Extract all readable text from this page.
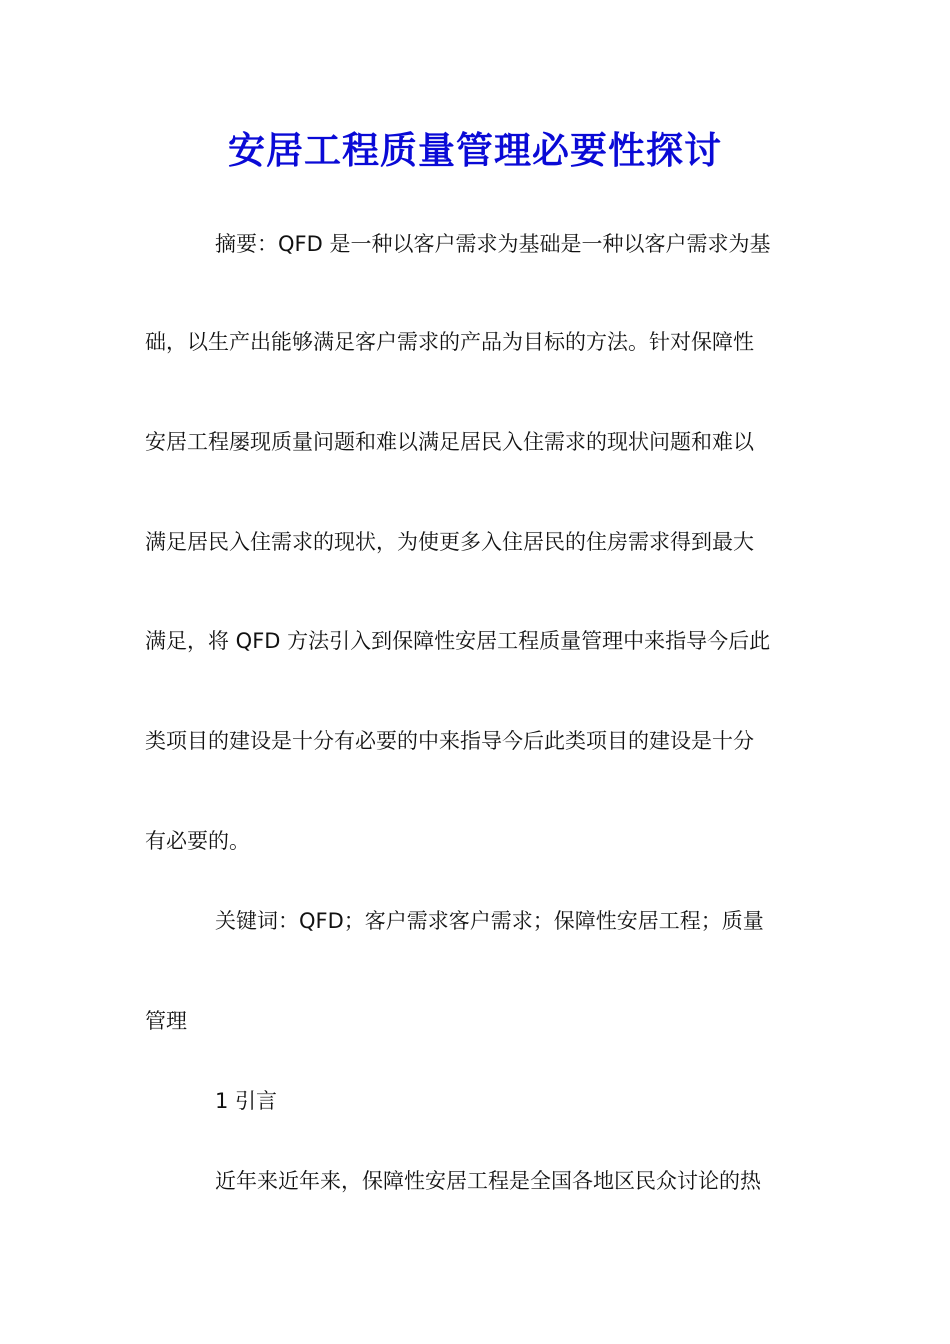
安居工程质量管理必要性探讨

摘要：QFD 是一种以客户需求为基础是一种以客户需求为基

础，以生产出能够满足客户需求的产品为目标的方法。针对保障性

安居工程屡现质量问题和难以满足居民入住需求的现状问题和难以

满足居民入住需求的现状，为使更多入住居民的住房需求得到最大

满足，将 QFD 方法引入到保障性安居工程质量管理中来指导今后此

类项目的建设是十分有必要的中来指导今后此类项目的建设是十分

有必要的。

关键词：QFD；客户需求客户需求；保障性安居工程；质量

管理

1 引言

近年来近年来，保障性安居工程是全国各地区民众讨论的热
